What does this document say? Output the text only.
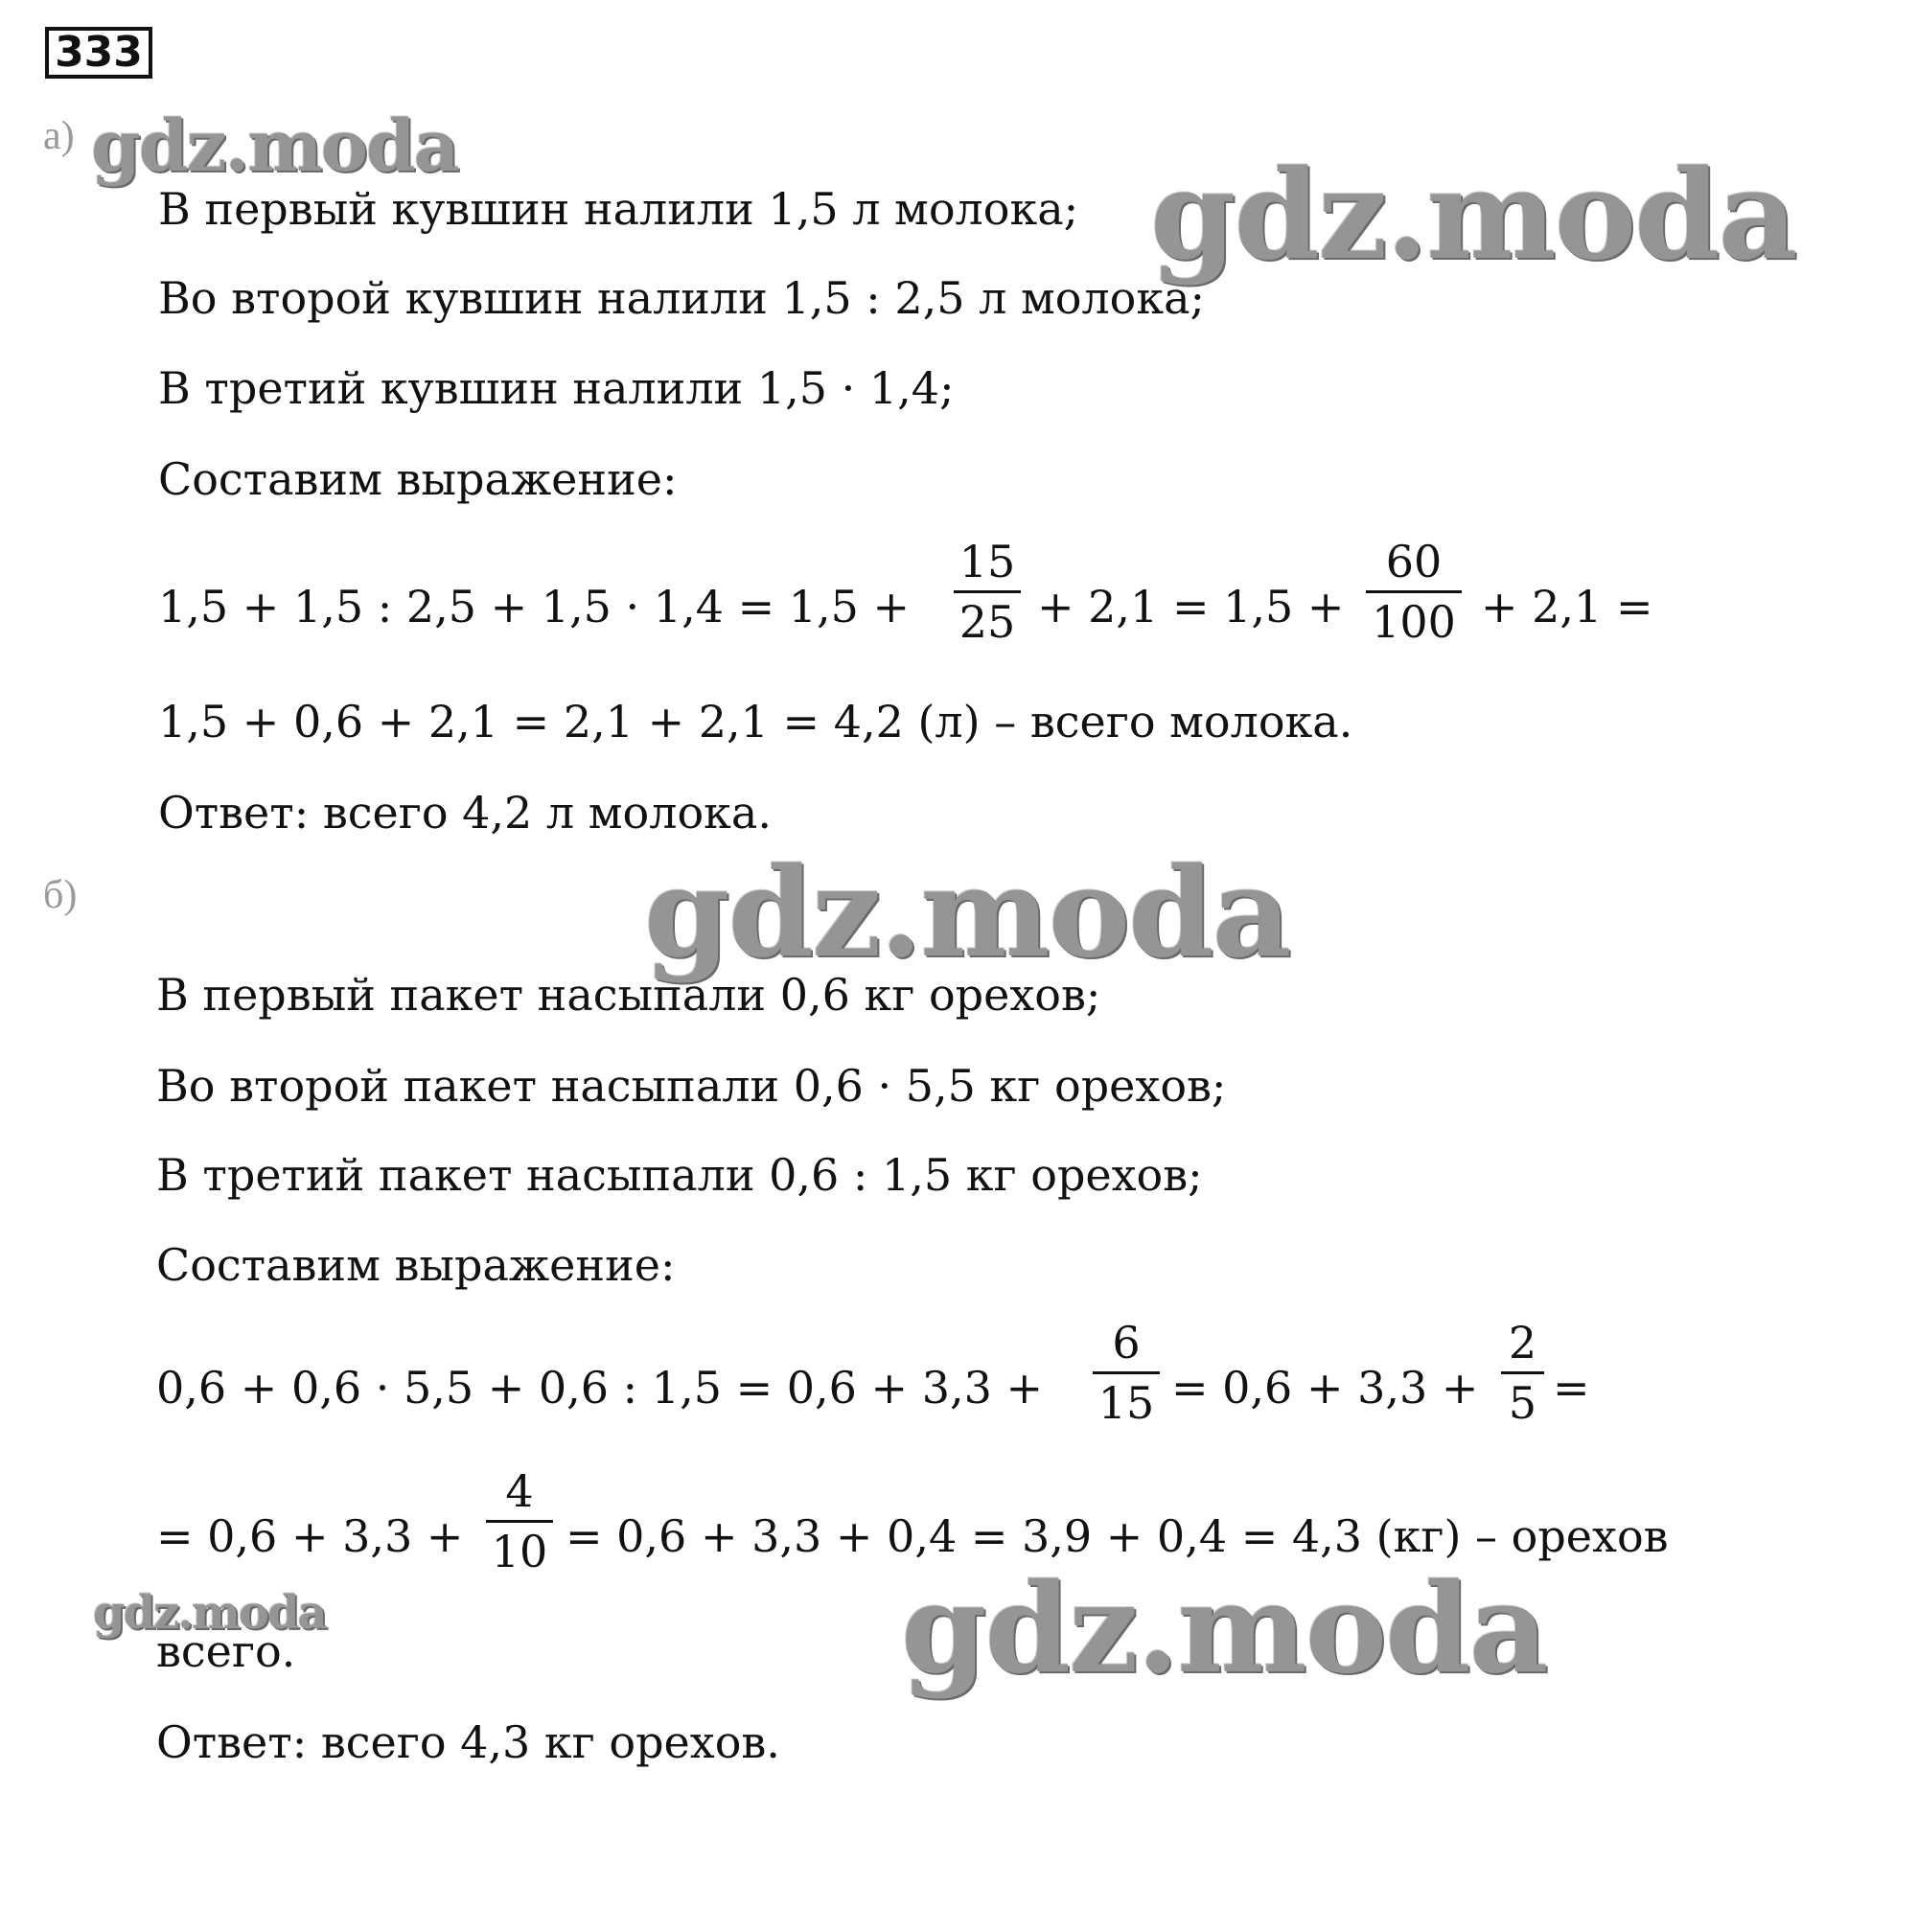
333
а)
В первый кувшин налили 1,5 л молока;
Во второй кувшин налили 1,5 : 2,5 л молока;
В третий кувшин налили 1,5 · 1,4;
Составим выражение:
1,5 + 1,5 : 2,5 + 1,5 · 1,4 = 1,5 +
15
25 + 2,1 = 1,5 +
60
100 + 2,1 =
1,5 + 0,6 + 2,1 = 2,1 + 2,1 = 4,2 (л) – всего молока.
Ответ: всего 4,2 л молока.
б)
В первый пакет насыпали 0,6 кг орехов;
Во второй пакет насыпали 0,6 · 5,5 кг орехов;
В третий пакет насыпали 0,6 : 1,5 кг орехов;
Составим выражение:
0,6 + 0,6 · 5,5 + 0,6 : 1,5 = 0,6 + 3,3 +
6
15 = 0,6 + 3,3 +
2
5 =
= 0,6 + 3,3 +
4
10 = 0,6 + 3,3 + 0,4 = 3,9 + 0,4 = 4,3 (кг) – орехов
всего.
Ответ: всего 4,3 кг орехов.
gdz.moda	gdz.moda
gdz.moda
gdz.moda	gdz.moda
